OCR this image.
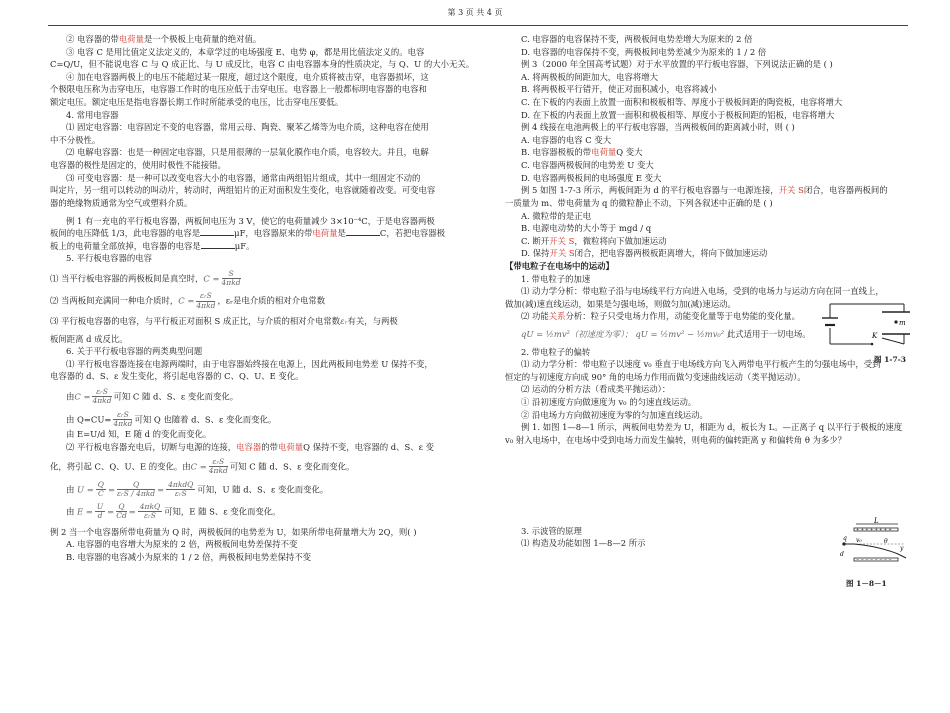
第 3 页 共 4 页

② 电容器的带电荷量是一个极板上电荷量的绝对值。

③ 电容 C 是用比值定义法定义的，本章学过的电场强度 E、电势 φ，都是用比值法定义的。电容

C=Q/U，但不能说电容 C 与 Q 成正比、与 U 成反比，电容 C 由电容器本身的性质决定，与 Q、U 的大小无关。

④ 加在电容器两极上的电压不能超过某一限度，超过这个限度，电介质将被击穿，电容器损坏，这

个极限电压称为击穿电压，电容器工作时的电压应低于击穿电压。电容器上一般都标明电容器的电容和

额定电压。额定电压是指电容器长期工作时所能承受的电压，比击穿电压要低。

4. 常用电容器

⑴ 固定电容器：电容固定不变的电容器，常用云母、陶瓷、聚苯乙烯等为电介质，这种电容在使用

中不分极性。

⑵ 电解电容器：也是一种固定电容器，只是用很薄的一层氧化膜作电介质，电容较大。并且，电解

电容器的极性是固定的，使用时极性不能接错。

⑶ 可变电容器：是一种可以改变电容大小的电容器，通常由两组铝片组成，其中一组固定不动的

叫定片，另一组可以转动的叫动片，转动时，两组铝片的正对面积发生变化，电容就随着改变。可变电容

器的绝缘物质通常为空气或塑料介质。

例 1 有一充电的平行板电容器，两板间电压为 3 V，使它的电荷量减少 3×10⁻⁴C，于是电容器两极

板间的电压降低 1/3，此电容器的电容是	μF，电容器原来的带电荷量是	C，若把电容器极

板上的电荷量全部放掉，电容器的电容是	μF。

5. 平行板电容器的电容

⑴ 当平行板电容器的两极板间是真空时，$C = \frac{S}{\text{4πkd}}$

⑵ 当两板间充满同一种电介质时，$C = \frac{\text{εᵣS}}{\text{4πkd}}$ ，εᵣ是电介质的相对介电常数

⑶ 平行板电容器的电容，与平行板正对面积 S 成正比，与介质的相对介电常数εᵣ有关，与两极

板间距离 d 成反比。

6. 关于平行板电容器的两类典型问题

⑴ 平行板电容器连接在电源两端时，由于电容器始终接在电源上，因此两板间电势差 U 保持不变，

电容器的 d、S、ε 发生变化，将引起电容器的 C、Q、U、E 变化。

由$C = \frac{\text{εᵣS}}{\text{4πkd}}$ 可知 C 随 d、S、ε 变化而变化。

由 $Q=CU= \frac{\text{εᵣS}}{\text{4πkd}}$ 可知 Q 也随着 d、S、ε 变化而变化。

由 E=U/d 知，E 随 d 的变化而变化。

⑵ 平行板电容器充电后，切断与电源的连接，电容器的带电荷量Q 保持不变，电容器的 d、S、ε 变

化，将引起 C、Q、U、E 的变化。由$C = \frac{\text{εᵣS}}{\text{4πkd}}$ 可知 C 随 d、S、ε 变化而变化。

由 $U = \frac{Q}{C} = \frac{Q}{\text{εᵣS / 4πkd}} = \frac{\text{4πkdQ}}{\text{εᵣS}}$ 可知，U 随 d、S、ε 变化而变化。

由 $E = \frac{U}{d} = \frac{Q}{Cd} = \frac{\text{4πkQ}}{\text{εᵣS}}$ 可知，E 随 S、ε 变化而变化。

例 2 当一个电容器所带电荷量为 Q 时，两极板间的电势差为 U，如果所带电荷量增大为 2Q，则( )

A. 电容器的电容增大为原来的 2 倍，两极板间电势差保持不变

B. 电容器的电容减小为原来的 1 / 2 倍，两极板间电势差保持不变

C. 电容器的电容保持不变，两极板间电势差增大为原来的 2 倍

D. 电容器的电容保持不变，两极板间电势差减少为原来的 1 / 2 倍

例 3（2000 年全国高考试题）对于水平放置的平行板电容器，下列说法正确的是 ( )

A. 将两极板的间距加大，电容将增大

B. 将两极板平行错开，使正对面积减小，电容将减小

C. 在下板的内表面上放置一面积和极板相等、厚度小于极板间距的陶瓷板，电容将增大

D. 在下板的内表面上放置一面积和极板相等、厚度小于极板间距的铝板，电容将增大

例 4 线接在电池两极上的平行板电容器，当两极板间的距离减小时，则 ( )

A. 电容器的电容 C 变大

B. 电容器极板的带电荷量Q 变大

C. 电容器两极板间的电势差 U 变大

D. 电容器两极板间的电场强度 E 变大

例 5 如图 1-7-3 所示，两板间距为 d 的平行板电容器与一电源连接，开关 S闭合，电容器两板间的

一质量为 m、带电荷量为 q 的微粒静止不动，下列各叙述中正确的是 ( )

A. 微粒带的是正电

B. 电源电动势的大小等于 mgd / q

C. 断开开关 S，微粒将向下做加速运动

D. 保持开关 S闭合，把电容器两极板距离增大，将向下做加速运动

【带电粒子在电场中的运动】

1. 带电粒子的加速

⑴ 动力学分析：带电粒子沿与电场线平行方向进入电场，受到的电场力与运动方向在同一直线上，

做加(减)速直线运动，如果是匀强电场，则做匀加(减)速运动。

⑵ 功能关系分析：粒子只受电场力作用，动能变化量等于电势能的变化量。

qU = ½mv²（初速度为零）； qU = ½mv² − ½mv₀² 此式适用于一切电场。

2. 带电粒子的偏转

⑴ 动力学分析：带电粒子以速度 v₀ 垂直于电场线方向飞入两带电平行板产生的匀强电场中，受到

恒定的与初速度方向成 90° 角的电场力作用而做匀变速曲线运动（类平抛运动）。

⑵ 运动的分析方法（看成类平抛运动）：

① 沿初速度方向做速度为 v₀ 的匀速直线运动。

② 沿电场力方向做初速度为零的匀加速直线运动。

例 1. 如图 1—8—1 所示，两板间电势差为 U，相距为 d，板长为 L。—正离子 q 以平行于极板的速度

v₀ 射入电场中，在电场中受到电场力而发生偏转，则电荷的偏转距离 y 和偏转角 θ 为多少？

3. 示波管的原理

⑴ 构造及功能如图 1—8—2 所示

m
K
图 1-7-3
L
+ + + + + + + +
− − − − − − − −
q v₀
d
y
θ
图 1－8－1
